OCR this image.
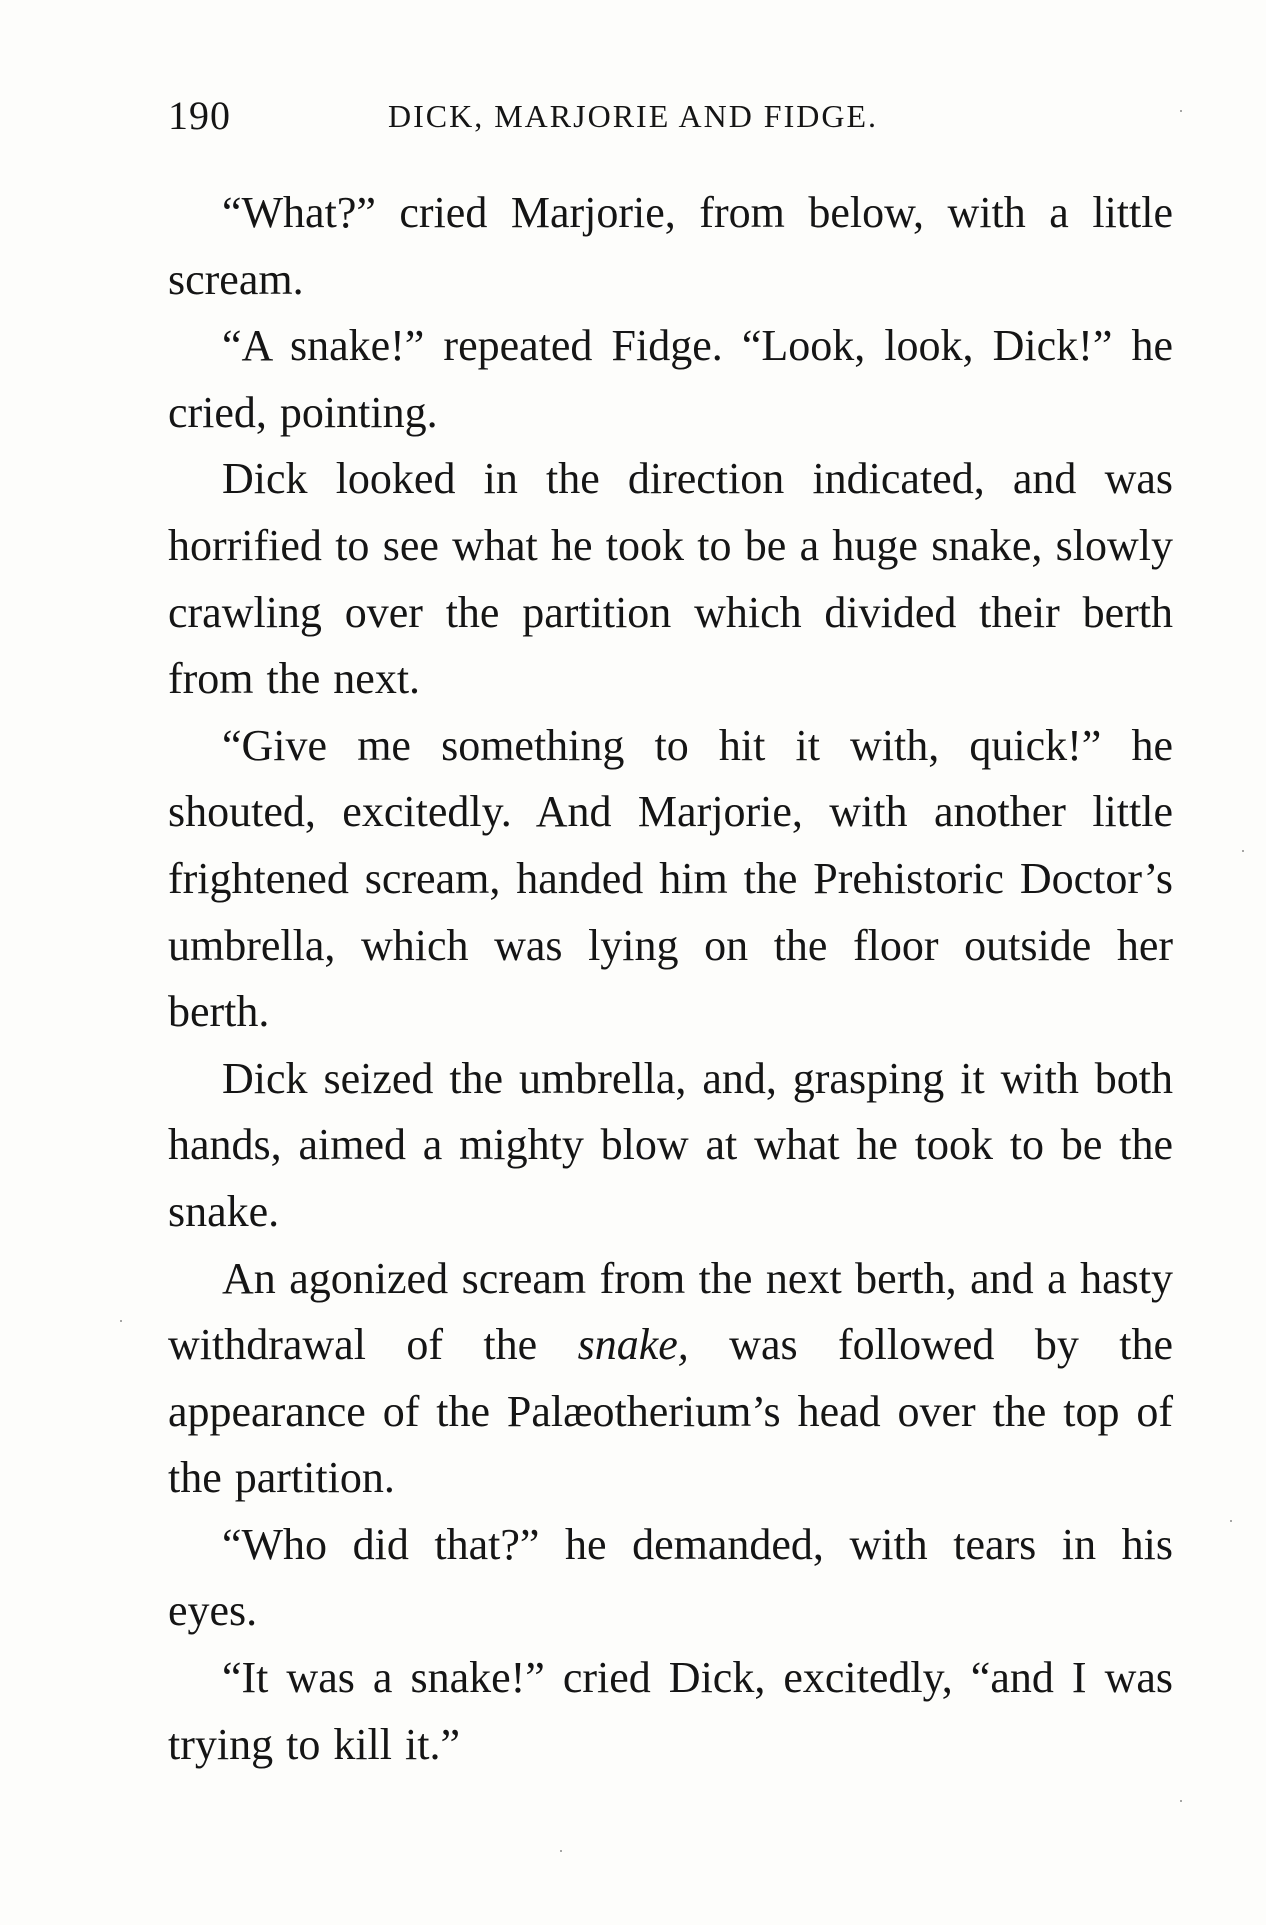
190	DICK, MARJORIE AND FIDGE.

“What?” cried Marjorie, from below, with a little scream.

“A snake!” repeated Fidge. “Look, look, Dick!” he cried, pointing.

Dick looked in the direction indicated, and was horrified to see what he took to be a huge snake, slowly crawling over the partition which divided their berth from the next.

“Give me something to hit it with, quick!” he shouted, excitedly. And Marjorie, with another little frightened scream, handed him the Prehistoric Doctor’s umbrella, which was lying on the floor outside her berth.

Dick seized the umbrella, and, grasping it with both hands, aimed a mighty blow at what he took to be the snake.

An agonized scream from the next berth, and a hasty withdrawal of the snake, was followed by the appearance of the Palæotherium’s head over the top of the partition.

“Who did that?” he demanded, with tears in his eyes.

“It was a snake!” cried Dick, excitedly, “and I was trying to kill it.”
